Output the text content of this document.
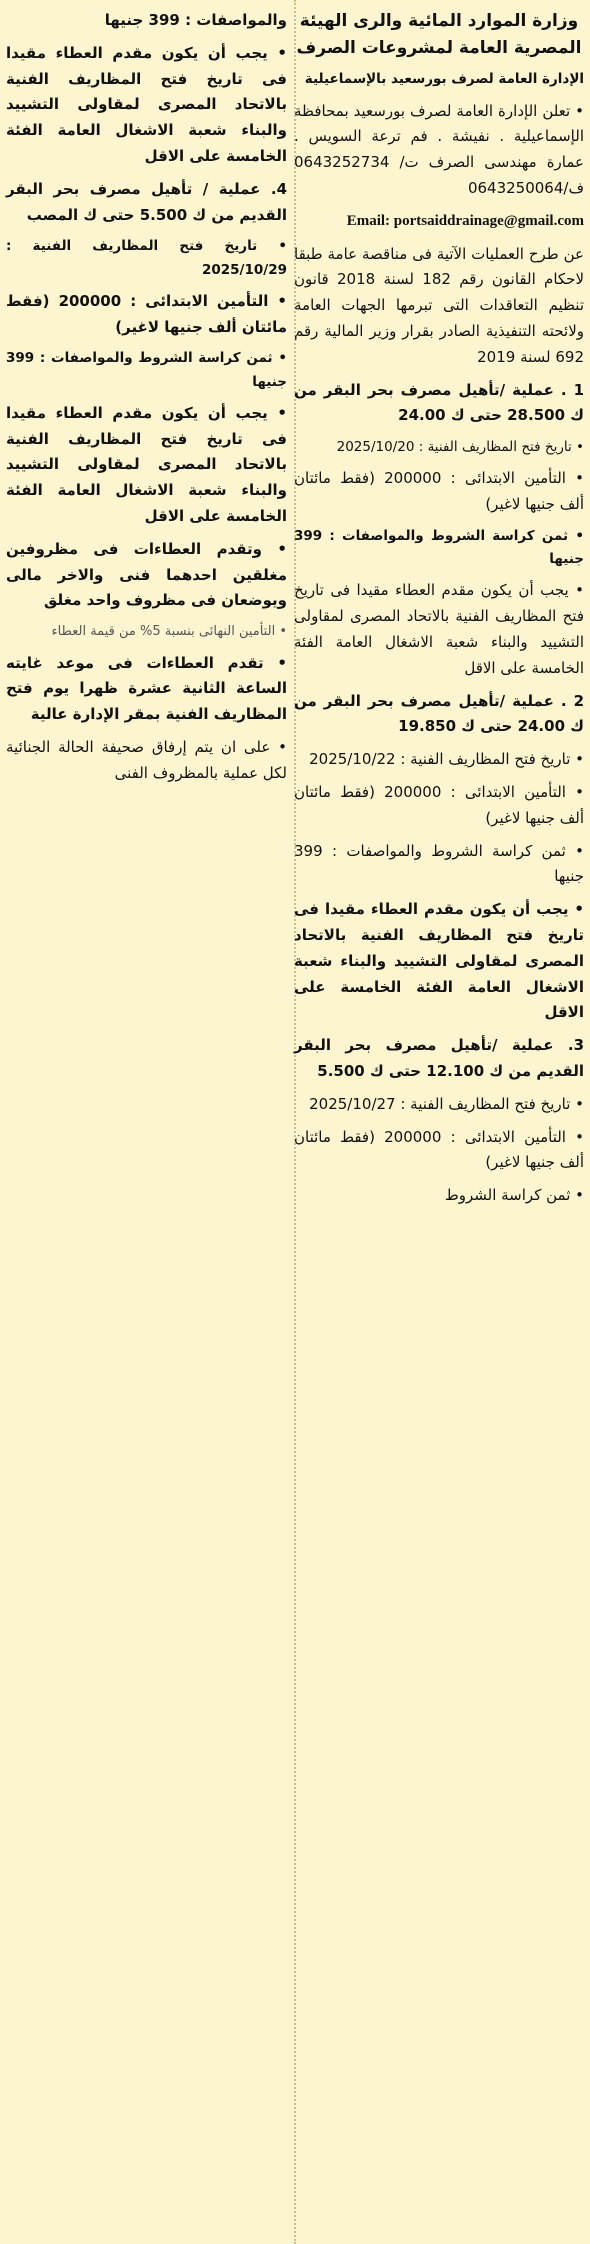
وزارة الموارد المائية والرى الهيئة المصرية العامة لمشروعات الصرف

الإدارة العامة لصرف بورسعيد بالإسماعيلية

• تعلن الإدارة العامة لصرف بورسعيد بمحافظة الإسماعيلية . نفيشة . فم ترعة السويس . عمارة مهندسى الصرف ت/ 0643252734 ف/0643250064

Email: portsaiddrainage@gmail.com

عن طرح العمليات الآتية فى مناقصة عامة طبقا لاحكام القانون رقم 182 لسنة 2018 قانون تنظيم التعاقدات التى تبرمها الجهات العامة ولائحته التنفيذية الصادر بقرار وزير المالية رقم 692 لسنة 2019

1 . عملية /تأهيل مصرف بحر البقر من ك 28.500 حتى ك 24.00

• تاريخ فتح المظاريف الفنية : 2025/10/20

• التأمين الابتدائى : 200000 (فقط مائتان ألف جنيها لاغير)

• ثمن كراسة الشروط والمواصفات : 399 جنيها

• يجب أن يكون مقدم العطاء مقيدا فى تاريخ فتح المظاريف الفنية بالاتحاد المصرى لمقاولى التشييد والبناء شعبة الاشغال العامة الفئة الخامسة على الاقل

2 . عملية /تأهيل مصرف بحر البقر من ك 24.00 حتى ك 19.850

• تاريخ فتح المظاريف الفنية : 2025/10/22

• التأمين الابتدائى : 200000 (فقط مائتان ألف جنيها لاغير)

• ثمن كراسة الشروط والمواصفات : 399 جنيها

• يجب أن يكون مقدم العطاء مقيدا فى تاريخ فتح المظاريف الفنية بالاتحاد المصرى لمقاولى التشييد والبناء شعبة الاشغال العامة الفئة الخامسة على الاقل

3. عملية /تأهيل مصرف بحر البقر القديم من ك 12.100 حتى ك 5.500

• تاريخ فتح المظاريف الفنية : 2025/10/27

• التأمين الابتدائى : 200000 (فقط مائتان ألف جنيها لاغير)

• ثمن كراسة الشروط

والمواصفات : 399 جنيها

• يجب أن يكون مقدم العطاء مقيدا فى تاريخ فتح المظاريف الفنية بالاتحاد المصرى لمقاولى التشييد والبناء شعبة الاشغال العامة الفئة الخامسة على الاقل

4. عملية / تأهيل مصرف بحر البقر القديم من ك 5.500 حتى ك المصب

• تاريخ فتح المظاريف الفنية : 2025/10/29

• التأمين الابتدائى : 200000 (فقط مائتان ألف جنيها لاغير)

• ثمن كراسة الشروط والمواصفات : 399 جنيها

• يجب أن يكون مقدم العطاء مقيدا فى تاريخ فتح المظاريف الفنية بالاتحاد المصرى لمقاولى التشييد والبناء شعبة الاشغال العامة الفئة الخامسة على الاقل

• وتقدم العطاءات فى مظروفين مغلقين احدهما فنى والاخر مالى ويوضعان فى مظروف واحد مغلق

• التأمين النهائى بنسبة 5% من قيمة العطاء

• تقدم العطاءات فى موعد غايته الساعة الثانية عشرة ظهرا يوم فتح المظاريف الفنية بمقر الإدارة عالية

• على ان يتم إرفاق صحيفة الحالة الجنائية لكل عملية بالمظروف الفنى
